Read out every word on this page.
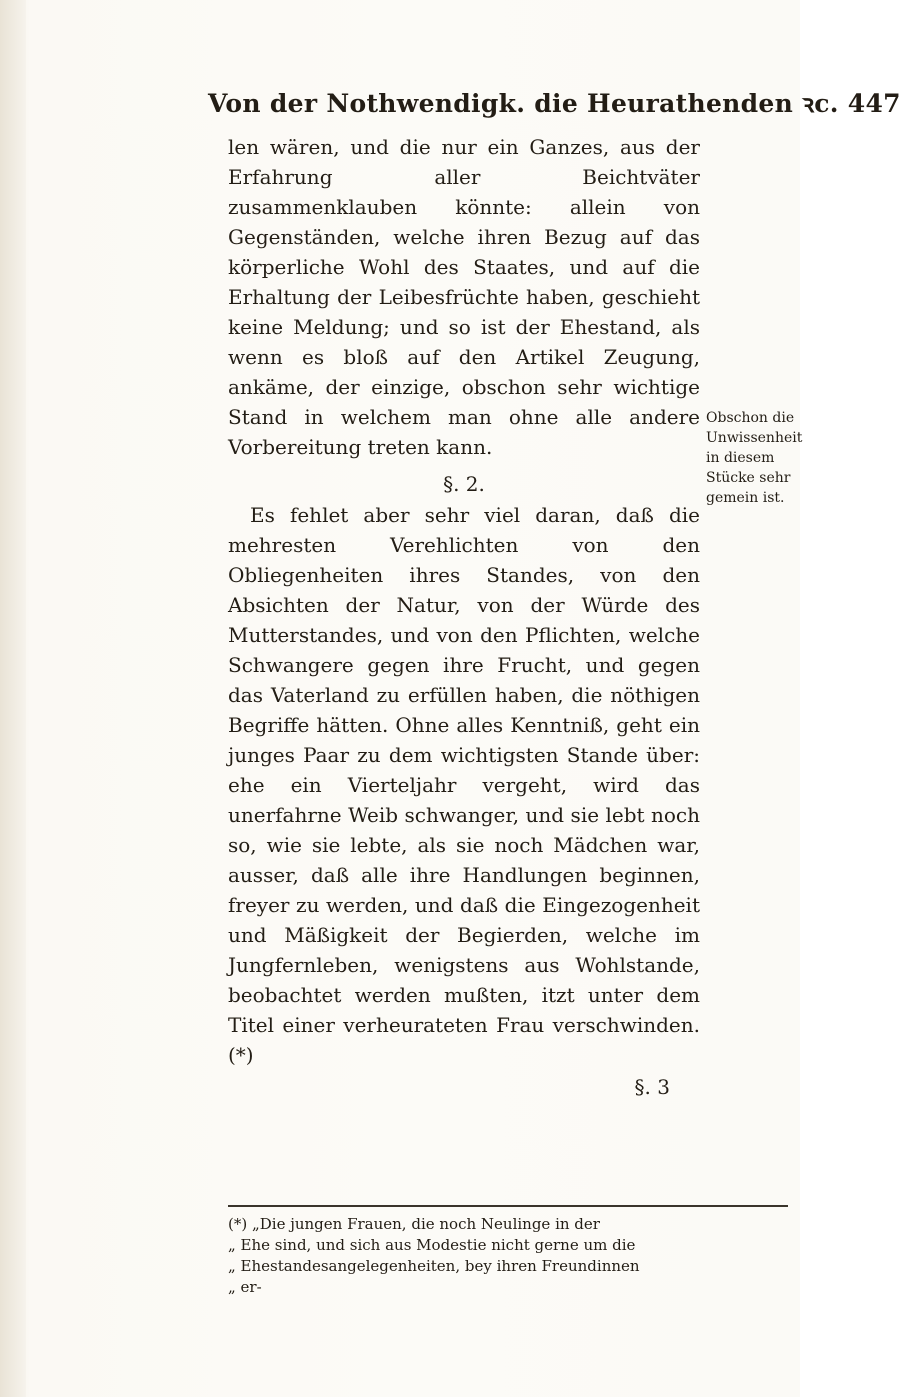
Von der Nothwendigk. die Heurathenden ꝛc. 447

len wären, und die nur ein Ganzes, aus der Erfahrung aller Beichtväter zusammenklauben könnte: allein von Gegenständen, welche ihren Bezug auf das körperliche Wohl des Staates, und auf die Erhaltung der Leibesfrüchte haben, geschieht keine Meldung; und so ist der Ehestand, als wenn es bloß auf den Artikel Zeugung, ankäme, der einzige, obschon sehr wichtige Stand in welchem man ohne alle andere Vorbereitung treten kann.

§. 2.

Es fehlet aber sehr viel daran, daß die mehresten Verehlichten von den Obliegenheiten ihres Standes, von den Absichten der Natur, von der Würde des Mutterstandes, und von den Pflichten, welche Schwangere gegen ihre Frucht, und gegen das Vaterland zu erfüllen haben, die nöthigen Begriffe hätten. Ohne alles Kenntniß, geht ein junges Paar zu dem wichtigsten Stande über: ehe ein Vierteljahr vergeht, wird das unerfahrne Weib schwanger, und sie lebt noch so, wie sie lebte, als sie noch Mädchen war, ausser, daß alle ihre Handlungen beginnen, freyer zu werden, und daß die Eingezogenheit und Mäßigkeit der Begierden, welche im Jungfernleben, wenigstens aus Wohlstande, beobachtet werden mußten, itzt unter dem Titel einer verheurateten Frau verschwinden. (*)

§. 3
Obschon die
Unwissenheit
in diesem
Stücke sehr
gemein ist.
(*) „Die jungen Frauen, die noch Neulinge in der
„ Ehe sind, und sich aus Modestie nicht gerne um die
„ Ehestandesangelegenheiten, bey ihren Freundinnen
„ er-
